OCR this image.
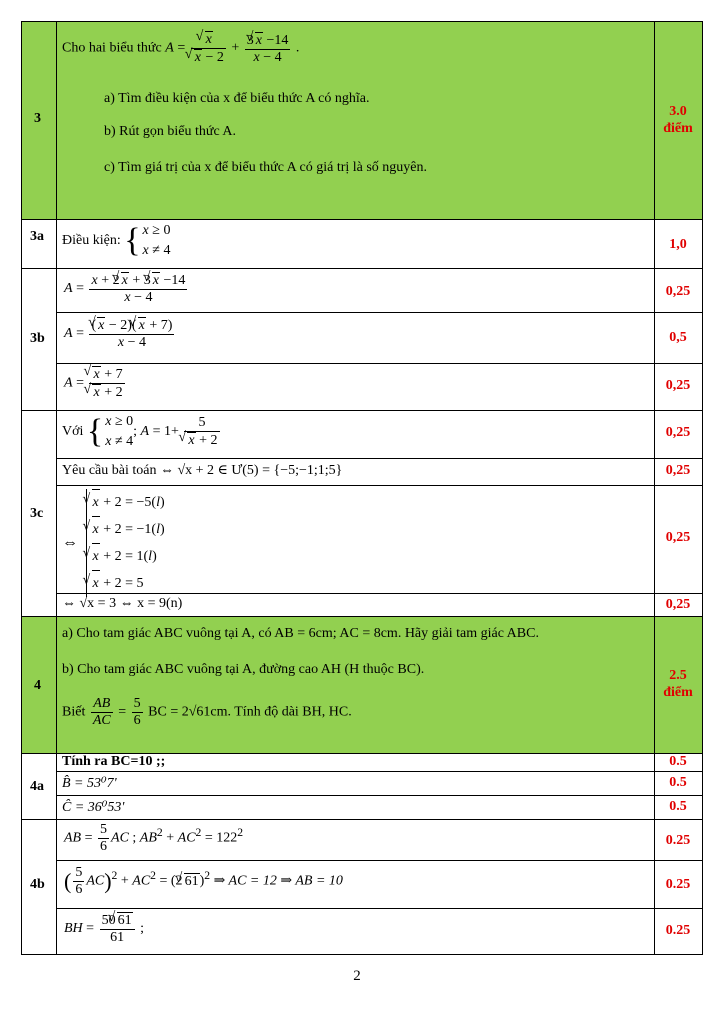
3
Cho hai biểu thức A =
√ x
√ $x - 2 + \frac{3√ x -14}{x - 4}$ .
a) Tìm điều kiện của x để biểu thức A có nghĩa.
b) Rút gọn biểu thức A.
c) Tìm giá trị của x để biểu thức A có giá trị là số nguyên.
3.0 điểm
3a Điều kiện: { x ≥ 0
x ≠ 4	1,0
3b
$A = \frac{x + 2√ x + 3√ x -14}{x - 4}$
$A = \frac{(√ x - 2)(√ x + 7)}{x - 4}$
A =
√ x + 7
√ x + 2
0,25
0,5
0,25
3c
Với { x ≥ 0
x ≠ 4; A = 1+ 5
√ x + 2
Yêu cầu bài toán ⇔ √x + 2 ∈ Ư(5) = {−5;−1;1;5}
⇔ √ x + 2 = −5(l)
√ x + 2 = −1(l)
√ x + 2 = 1(l)
√ x + 2 = 5
⇔ √x = 3 ⇔ x = 9(n)
0,25
0,25
0,25
0,25
4
a) Cho tam giác ABC vuông tại A, có AB = 6cm; AC = 8cm. Hãy giải tam giác ABC.
b) Cho tam giác ABC vuông tại A, đường cao AH (H thuộc BC).
Biết $\frac{AB}{AC} = \frac{5}{6}$ BC = 2√61cm. Tính độ dài BH, HC.
2.5 điểm
4a
Tính ra BC=10 ;;
B̂ = 53⁰7'
Ĉ = 36⁰53'
0.5
0.5
0.5
4b
AB = $\frac{5}{6}$ AC ; $AB^2 + AC^2 = 122^2$
( $\frac{5}{6} AC)^2 + AC^2 = (2√$ 61)$^2$ ⇒ AC = 12 ⇒ AB = 10
BH = $\frac{50√ 61}{61}$ ;
0.25
0.25
0.25
2
